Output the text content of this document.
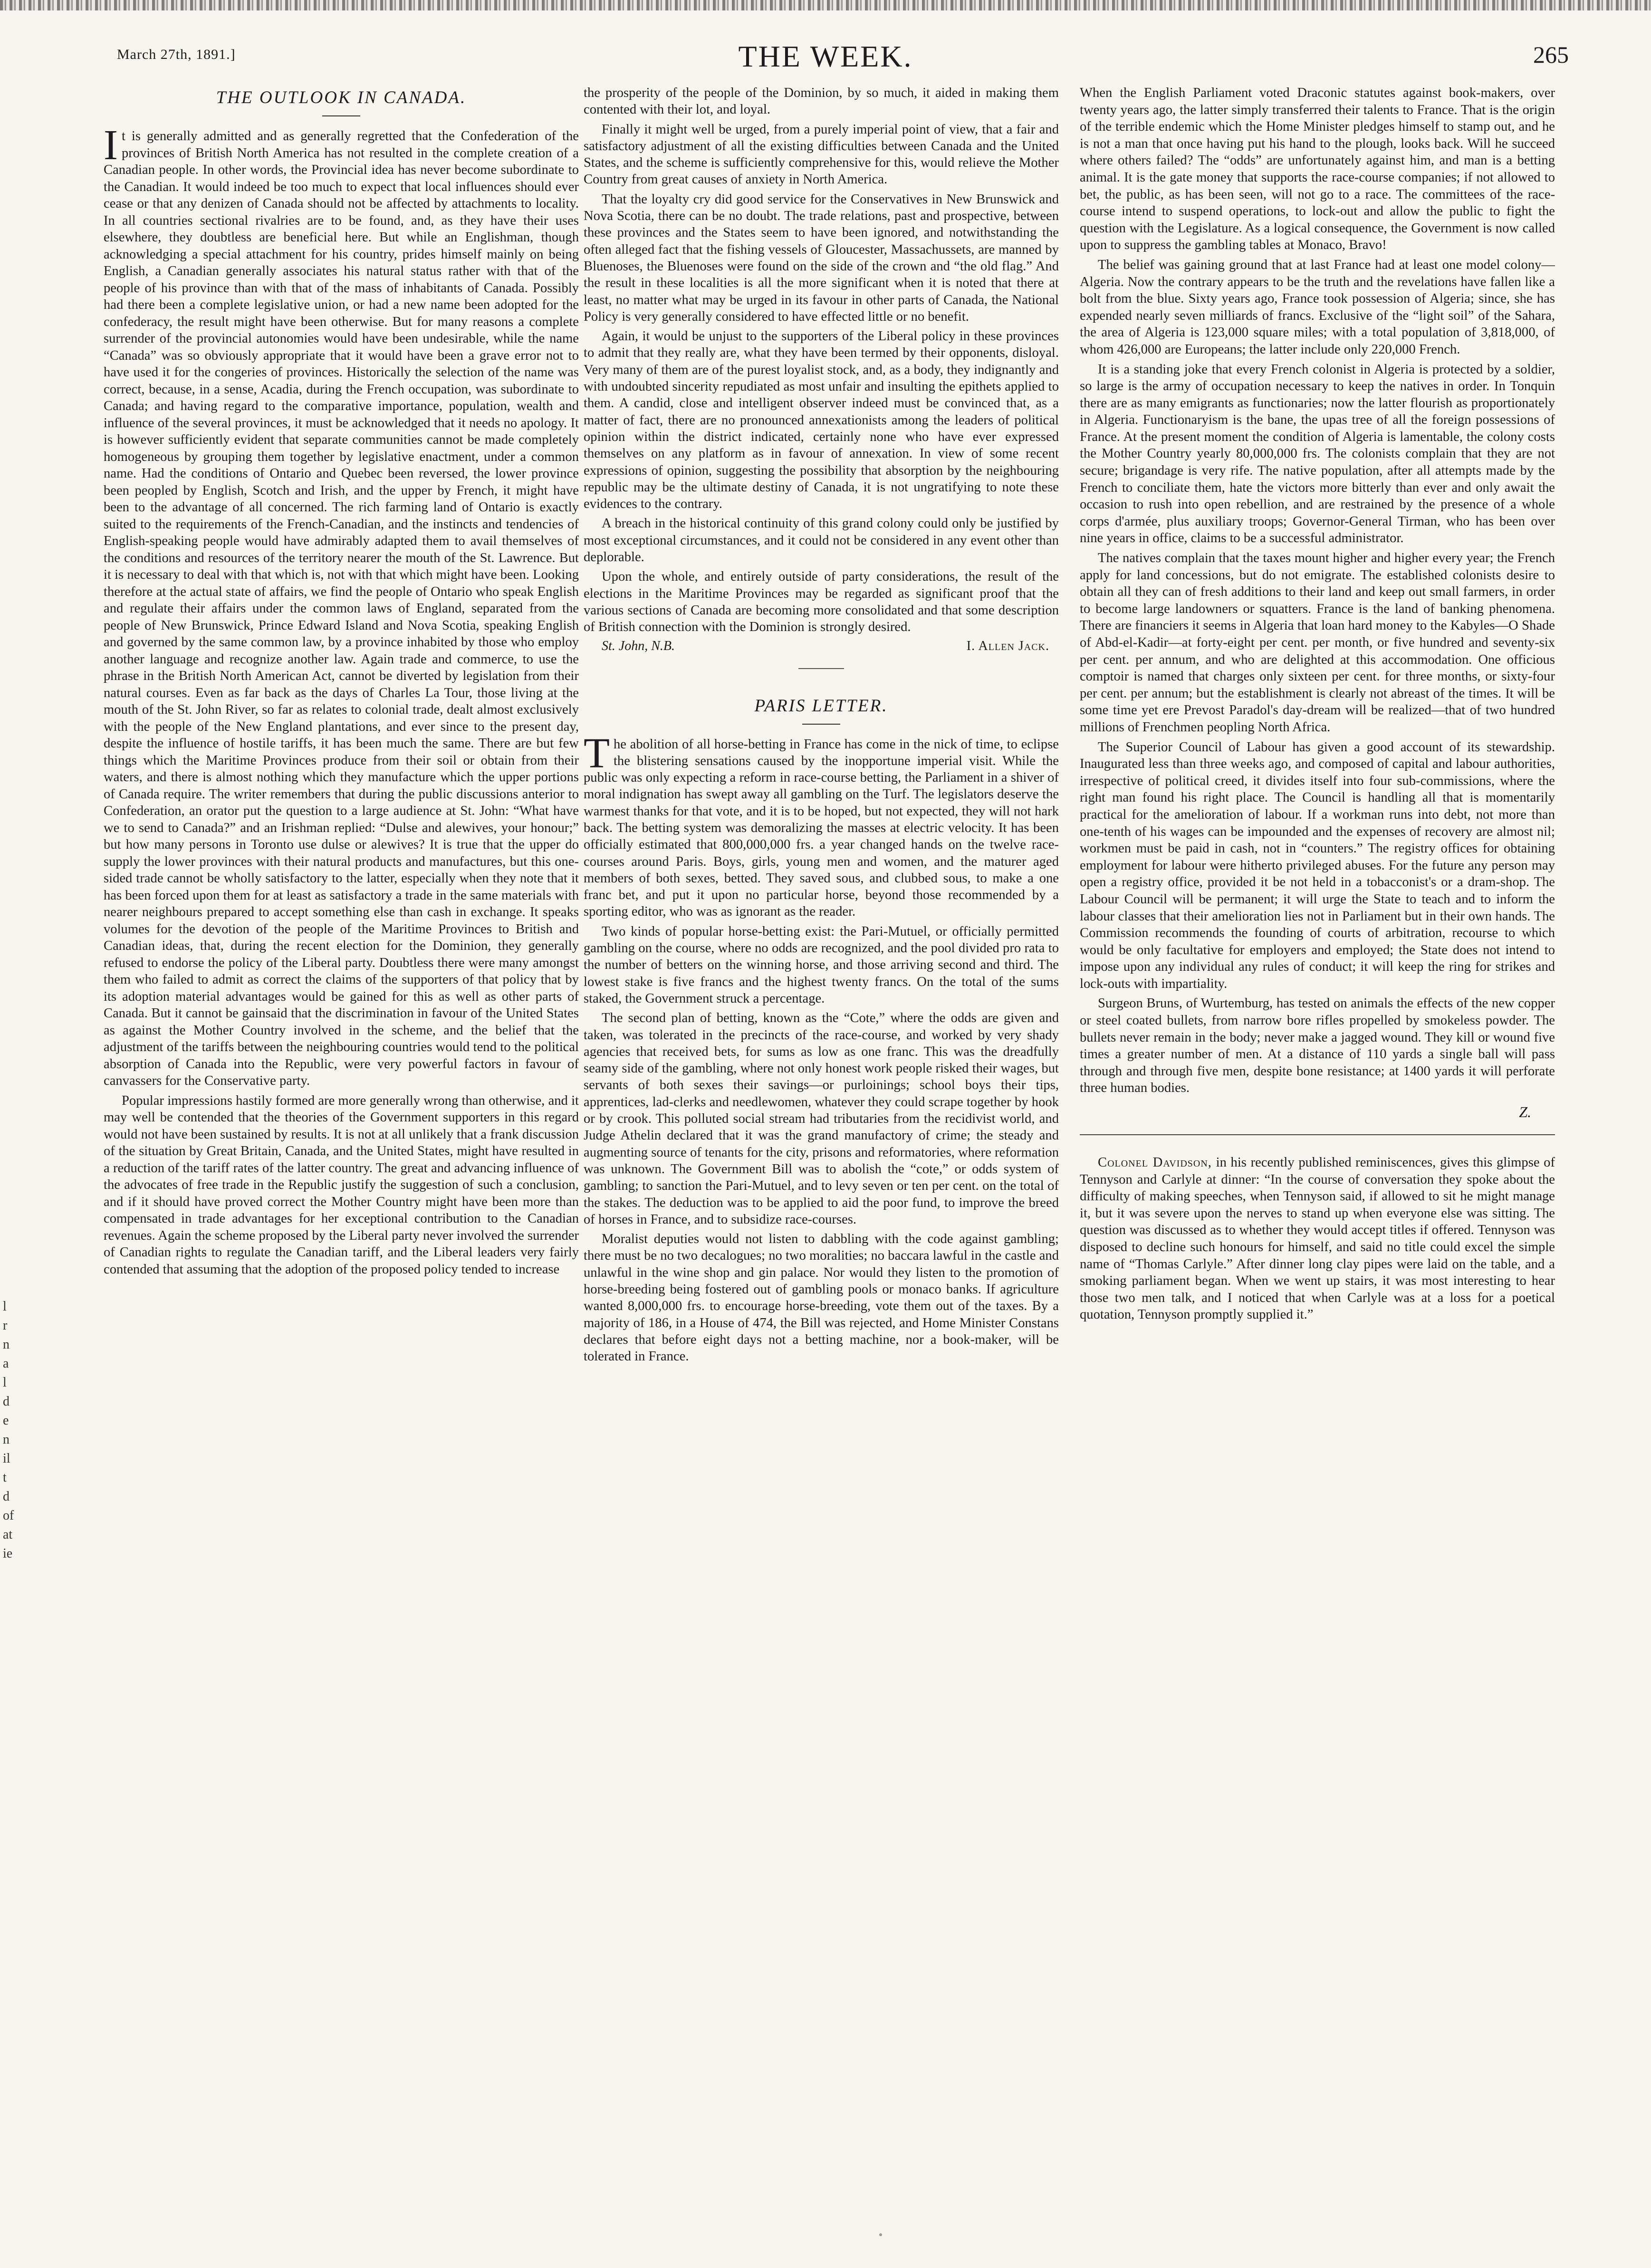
March 27th, 1891.]	THE WEEK.	265
l
r
n
a
l
d
e
n
il
t
d
of
at
ie
THE OUTLOOK IN CANADA.

It is generally admitted and as generally regretted that the Confederation of the provinces of British North America has not resulted in the complete creation of a Canadian people. In other words, the Provincial idea has never become subordinate to the Canadian. It would indeed be too much to expect that local influences should ever cease or that any denizen of Canada should not be affected by attachments to locality. In all countries sectional rivalries are to be found, and, as they have their uses elsewhere, they doubtless are beneficial here. But while an Englishman, though acknowledging a special attachment for his country, prides himself mainly on being English, a Canadian generally associates his natural status rather with that of the people of his province than with that of the mass of inhabitants of Canada. Possibly had there been a complete legislative union, or had a new name been adopted for the confederacy, the result might have been otherwise. But for many reasons a complete surrender of the provincial autonomies would have been undesirable, while the name “Canada” was so obviously appropriate that it would have been a grave error not to have used it for the congeries of provinces. Historically the selection of the name was correct, because, in a sense, Acadia, during the French occupation, was subordinate to Canada; and having regard to the comparative importance, population, wealth and influence of the several provinces, it must be acknowledged that it needs no apology. It is however sufficiently evident that separate communities cannot be made completely homogeneous by grouping them together by legislative enactment, under a common name. Had the conditions of Ontario and Quebec been reversed, the lower province been peopled by English, Scotch and Irish, and the upper by French, it might have been to the advantage of all concerned. The rich farming land of Ontario is exactly suited to the requirements of the French-Canadian, and the instincts and tendencies of English-speaking people would have admirably adapted them to avail themselves of the conditions and resources of the territory nearer the mouth of the St. Lawrence. But it is necessary to deal with that which is, not with that which might have been. Looking therefore at the actual state of affairs, we find the people of Ontario who speak English and regulate their affairs under the common laws of England, separated from the people of New Brunswick, Prince Edward Island and Nova Scotia, speaking English and governed by the same common law, by a province inhabited by those who employ another language and recognize another law. Again trade and commerce, to use the phrase in the British North American Act, cannot be diverted by legislation from their natural courses. Even as far back as the days of Charles La Tour, those living at the mouth of the St. John River, so far as relates to colonial trade, dealt almost exclusively with the people of the New England plantations, and ever since to the present day, despite the influence of hostile tariffs, it has been much the same. There are but few things which the Maritime Provinces produce from their soil or obtain from their waters, and there is almost nothing which they manufacture which the upper portions of Canada require. The writer remembers that during the public discussions anterior to Confederation, an orator put the question to a large audience at St. John: “What have we to send to Canada?” and an Irishman replied: “Dulse and alewives, your honour;” but how many persons in Toronto use dulse or alewives? It is true that the upper do supply the lower provinces with their natural products and manufactures, but this one-sided trade cannot be wholly satisfactory to the latter, especially when they note that it has been forced upon them for at least as satisfactory a trade in the same materials with nearer neighbours prepared to accept something else than cash in exchange. It speaks volumes for the devotion of the people of the Maritime Provinces to British and Canadian ideas, that, during the recent election for the Dominion, they generally refused to endorse the policy of the Liberal party. Doubtless there were many amongst them who failed to admit as correct the claims of the supporters of that policy that by its adoption material advantages would be gained for this as well as other parts of Canada. But it cannot be gainsaid that the discrimination in favour of the United States as against the Mother Country involved in the scheme, and the belief that the adjustment of the tariffs between the neighbouring countries would tend to the political absorption of Canada into the Republic, were very powerful factors in favour of canvassers for the Conservative party.

Popular impressions hastily formed are more generally wrong than otherwise, and it may well be contended that the theories of the Government supporters in this regard would not have been sustained by results. It is not at all unlikely that a frank discussion of the situation by Great Britain, Canada, and the United States, might have resulted in a reduction of the tariff rates of the latter country. The great and advancing influence of the advocates of free trade in the Republic justify the suggestion of such a conclusion, and if it should have proved correct the Mother Country might have been more than compensated in trade advantages for her exceptional contribution to the Canadian revenues. Again the scheme proposed by the Liberal party never involved the surrender of Canadian rights to regulate the Canadian tariff, and the Liberal leaders very fairly contended that assuming that the adoption of the proposed policy tended to increase

the prosperity of the people of the Dominion, by so much, it aided in making them contented with their lot, and loyal.

Finally it might well be urged, from a purely imperial point of view, that a fair and satisfactory adjustment of all the existing difficulties between Canada and the United States, and the scheme is sufficiently comprehensive for this, would relieve the Mother Country from great causes of anxiety in North America.

That the loyalty cry did good service for the Conservatives in New Brunswick and Nova Scotia, there can be no doubt. The trade relations, past and prospective, between these provinces and the States seem to have been ignored, and notwithstanding the often alleged fact that the fishing vessels of Gloucester, Massachussets, are manned by Bluenoses, the Bluenoses were found on the side of the crown and “the old flag.” And the result in these localities is all the more significant when it is noted that there at least, no matter what may be urged in its favour in other parts of Canada, the National Policy is very generally considered to have effected little or no benefit.

Again, it would be unjust to the supporters of the Liberal policy in these provinces to admit that they really are, what they have been termed by their opponents, disloyal. Very many of them are of the purest loyalist stock, and, as a body, they indignantly and with undoubted sincerity repudiated as most unfair and insulting the epithets applied to them. A candid, close and intelligent observer indeed must be convinced that, as a matter of fact, there are no pronounced annexationists among the leaders of political opinion within the district indicated, certainly none who have ever expressed themselves on any platform as in favour of annexation. In view of some recent expressions of opinion, suggesting the possibility that absorption by the neighbouring republic may be the ultimate destiny of Canada, it is not ungratifying to note these evidences to the contrary.

A breach in the historical continuity of this grand colony could only be justified by most exceptional circumstances, and it could not be considered in any event other than deplorable.

Upon the whole, and entirely outside of party considerations, the result of the elections in the Maritime Provinces may be regarded as significant proof that the various sections of Canada are becoming more consolidated and that some description of British connection with the Dominion is strongly desired.

St. John, N.B.	I. Allen Jack.
PARIS LETTER.

The abolition of all horse-betting in France has come in the nick of time, to eclipse the blistering sensations caused by the inopportune imperial visit. While the public was only expecting a reform in race-course betting, the Parliament in a shiver of moral indignation has swept away all gambling on the Turf. The legislators deserve the warmest thanks for that vote, and it is to be hoped, but not expected, they will not hark back. The betting system was demoralizing the masses at electric velocity. It has been officially estimated that 800,000,000 frs. a year changed hands on the twelve race-courses around Paris. Boys, girls, young men and women, and the maturer aged members of both sexes, betted. They saved sous, and clubbed sous, to make a one franc bet, and put it upon no particular horse, beyond those recommended by a sporting editor, who was as ignorant as the reader.

Two kinds of popular horse-betting exist: the Pari-Mutuel, or officially permitted gambling on the course, where no odds are recognized, and the pool divided pro rata to the number of betters on the winning horse, and those arriving second and third. The lowest stake is five francs and the highest twenty francs. On the total of the sums staked, the Government struck a percentage.

The second plan of betting, known as the “Cote,” where the odds are given and taken, was tolerated in the precincts of the race-course, and worked by very shady agencies that received bets, for sums as low as one franc. This was the dreadfully seamy side of the gambling, where not only honest work people risked their wages, but servants of both sexes their savings—or purloinings; school boys their tips, apprentices, lad-clerks and needlewomen, whatever they could scrape together by hook or by crook. This polluted social stream had tributaries from the recidivist world, and Judge Athelin declared that it was the grand manufactory of crime; the steady and augmenting source of tenants for the city, prisons and reformatories, where reformation was unknown. The Government Bill was to abolish the “cote,” or odds system of gambling; to sanction the Pari-Mutuel, and to levy seven or ten per cent. on the total of the stakes. The deduction was to be applied to aid the poor fund, to improve the breed of horses in France, and to subsidize race-courses.

Moralist deputies would not listen to dabbling with the code against gambling; there must be no two decalogues; no two moralities; no baccara lawful in the castle and unlawful in the wine shop and gin palace. Nor would they listen to the promotion of horse-breeding being fostered out of gambling pools or monaco banks. If agriculture wanted 8,000,000 frs. to encourage horse-breeding, vote them out of the taxes. By a majority of 186, in a House of 474, the Bill was rejected, and Home Minister Constans declares that before eight days not a betting machine, nor a book-maker, will be tolerated in France.

When the English Parliament voted Draconic statutes against book-makers, over twenty years ago, the latter simply transferred their talents to France. That is the origin of the terrible endemic which the Home Minister pledges himself to stamp out, and he is not a man that once having put his hand to the plough, looks back. Will he succeed where others failed? The “odds” are unfortunately against him, and man is a betting animal. It is the gate money that supports the race-course companies; if not allowed to bet, the public, as has been seen, will not go to a race. The committees of the race-course intend to suspend operations, to lock-out and allow the public to fight the question with the Legislature. As a logical consequence, the Government is now called upon to suppress the gambling tables at Monaco, Bravo!

The belief was gaining ground that at last France had at least one model colony—Algeria. Now the contrary appears to be the truth and the revelations have fallen like a bolt from the blue. Sixty years ago, France took possession of Algeria; since, she has expended nearly seven milliards of francs. Exclusive of the “light soil” of the Sahara, the area of Algeria is 123,000 square miles; with a total population of 3,818,000, of whom 426,000 are Europeans; the latter include only 220,000 French.

It is a standing joke that every French colonist in Algeria is protected by a soldier, so large is the army of occupation necessary to keep the natives in order. In Tonquin there are as many emigrants as functionaries; now the latter flourish as proportionately in Algeria. Functionaryism is the bane, the upas tree of all the foreign possessions of France. At the present moment the condition of Algeria is lamentable, the colony costs the Mother Country yearly 80,000,000 frs. The colonists complain that they are not secure; brigandage is very rife. The native population, after all attempts made by the French to conciliate them, hate the victors more bitterly than ever and only await the occasion to rush into open rebellion, and are restrained by the presence of a whole corps d'armée, plus auxiliary troops; Governor-General Tirman, who has been over nine years in office, claims to be a successful administrator.

The natives complain that the taxes mount higher and higher every year; the French apply for land concessions, but do not emigrate. The established colonists desire to obtain all they can of fresh additions to their land and keep out small farmers, in order to become large landowners or squatters. France is the land of banking phenomena. There are financiers it seems in Algeria that loan hard money to the Kabyles—O Shade of Abd-el-Kadir—at forty-eight per cent. per month, or five hundred and seventy-six per cent. per annum, and who are delighted at this accommodation. One officious comptoir is named that charges only sixteen per cent. for three months, or sixty-four per cent. per annum; but the establishment is clearly not abreast of the times. It will be some time yet ere Prevost Paradol's day-dream will be realized—that of two hundred millions of Frenchmen peopling North Africa.

The Superior Council of Labour has given a good account of its stewardship. Inaugurated less than three weeks ago, and composed of capital and labour authorities, irrespective of political creed, it divides itself into four sub-commissions, where the right man found his right place. The Council is handling all that is momentarily practical for the amelioration of labour. If a workman runs into debt, not more than one-tenth of his wages can be impounded and the expenses of recovery are almost nil; workmen must be paid in cash, not in “counters.” The registry offices for obtaining employment for labour were hitherto privileged abuses. For the future any person may open a registry office, provided it be not held in a tobacconist's or a dram-shop. The Labour Council will be permanent; it will urge the State to teach and to inform the labour classes that their amelioration lies not in Parliament but in their own hands. The Commission recommends the founding of courts of arbitration, recourse to which would be only facultative for employers and employed; the State does not intend to impose upon any individual any rules of conduct; it will keep the ring for strikes and lock-outs with impartiality.

Surgeon Bruns, of Wurtemburg, has tested on animals the effects of the new copper or steel coated bullets, from narrow bore rifles propelled by smokeless powder. The bullets never remain in the body; never make a jagged wound. They kill or wound five times a greater number of men. At a distance of 110 yards a single ball will pass through and through five men, despite bone resistance; at 1400 yards it will perforate three human bodies.

Z.

Colonel Davidson, in his recently published reminiscences, gives this glimpse of Tennyson and Carlyle at dinner: “In the course of conversation they spoke about the difficulty of making speeches, when Tennyson said, if allowed to sit he might manage it, but it was severe upon the nerves to stand up when everyone else was sitting. The question was discussed as to whether they would accept titles if offered. Tennyson was disposed to decline such honours for himself, and said no title could excel the simple name of “Thomas Carlyle.” After dinner long clay pipes were laid on the table, and a smoking parliament began. When we went up stairs, it was most interesting to hear those two men talk, and I noticed that when Carlyle was at a loss for a poetical quotation, Tennyson promptly supplied it.”
